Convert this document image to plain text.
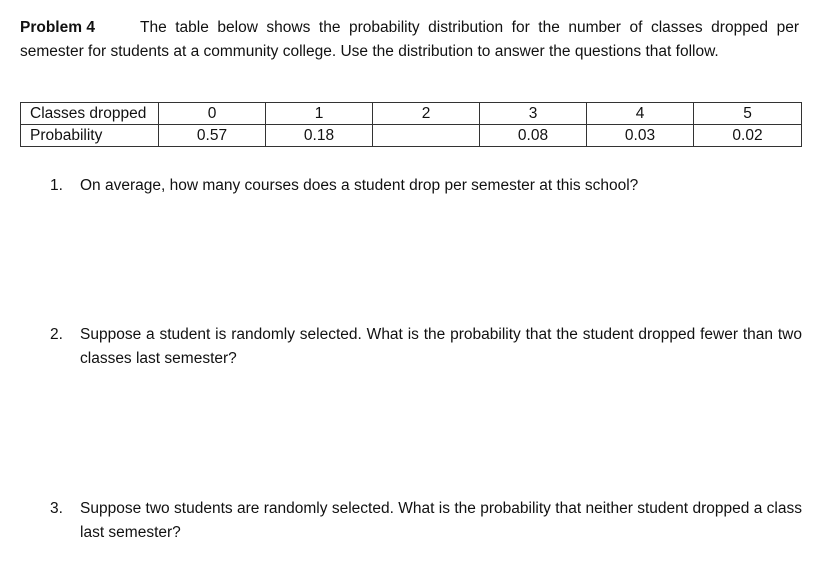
Problem 4	The table below shows the probability distribution for the number of classes dropped per semester for students at a community college. Use the distribution to answer the questions that follow.

Classes dropped	0	1	2	3	4	5
Probability	0.57	0.18		0.08	0.03	0.02
1.	On average, how many courses does a student drop per semester at this school?
2.	Suppose a student is randomly selected. What is the probability that the student dropped fewer than two classes last semester?
3.	Suppose two students are randomly selected. What is the probability that neither student dropped a class last semester?
